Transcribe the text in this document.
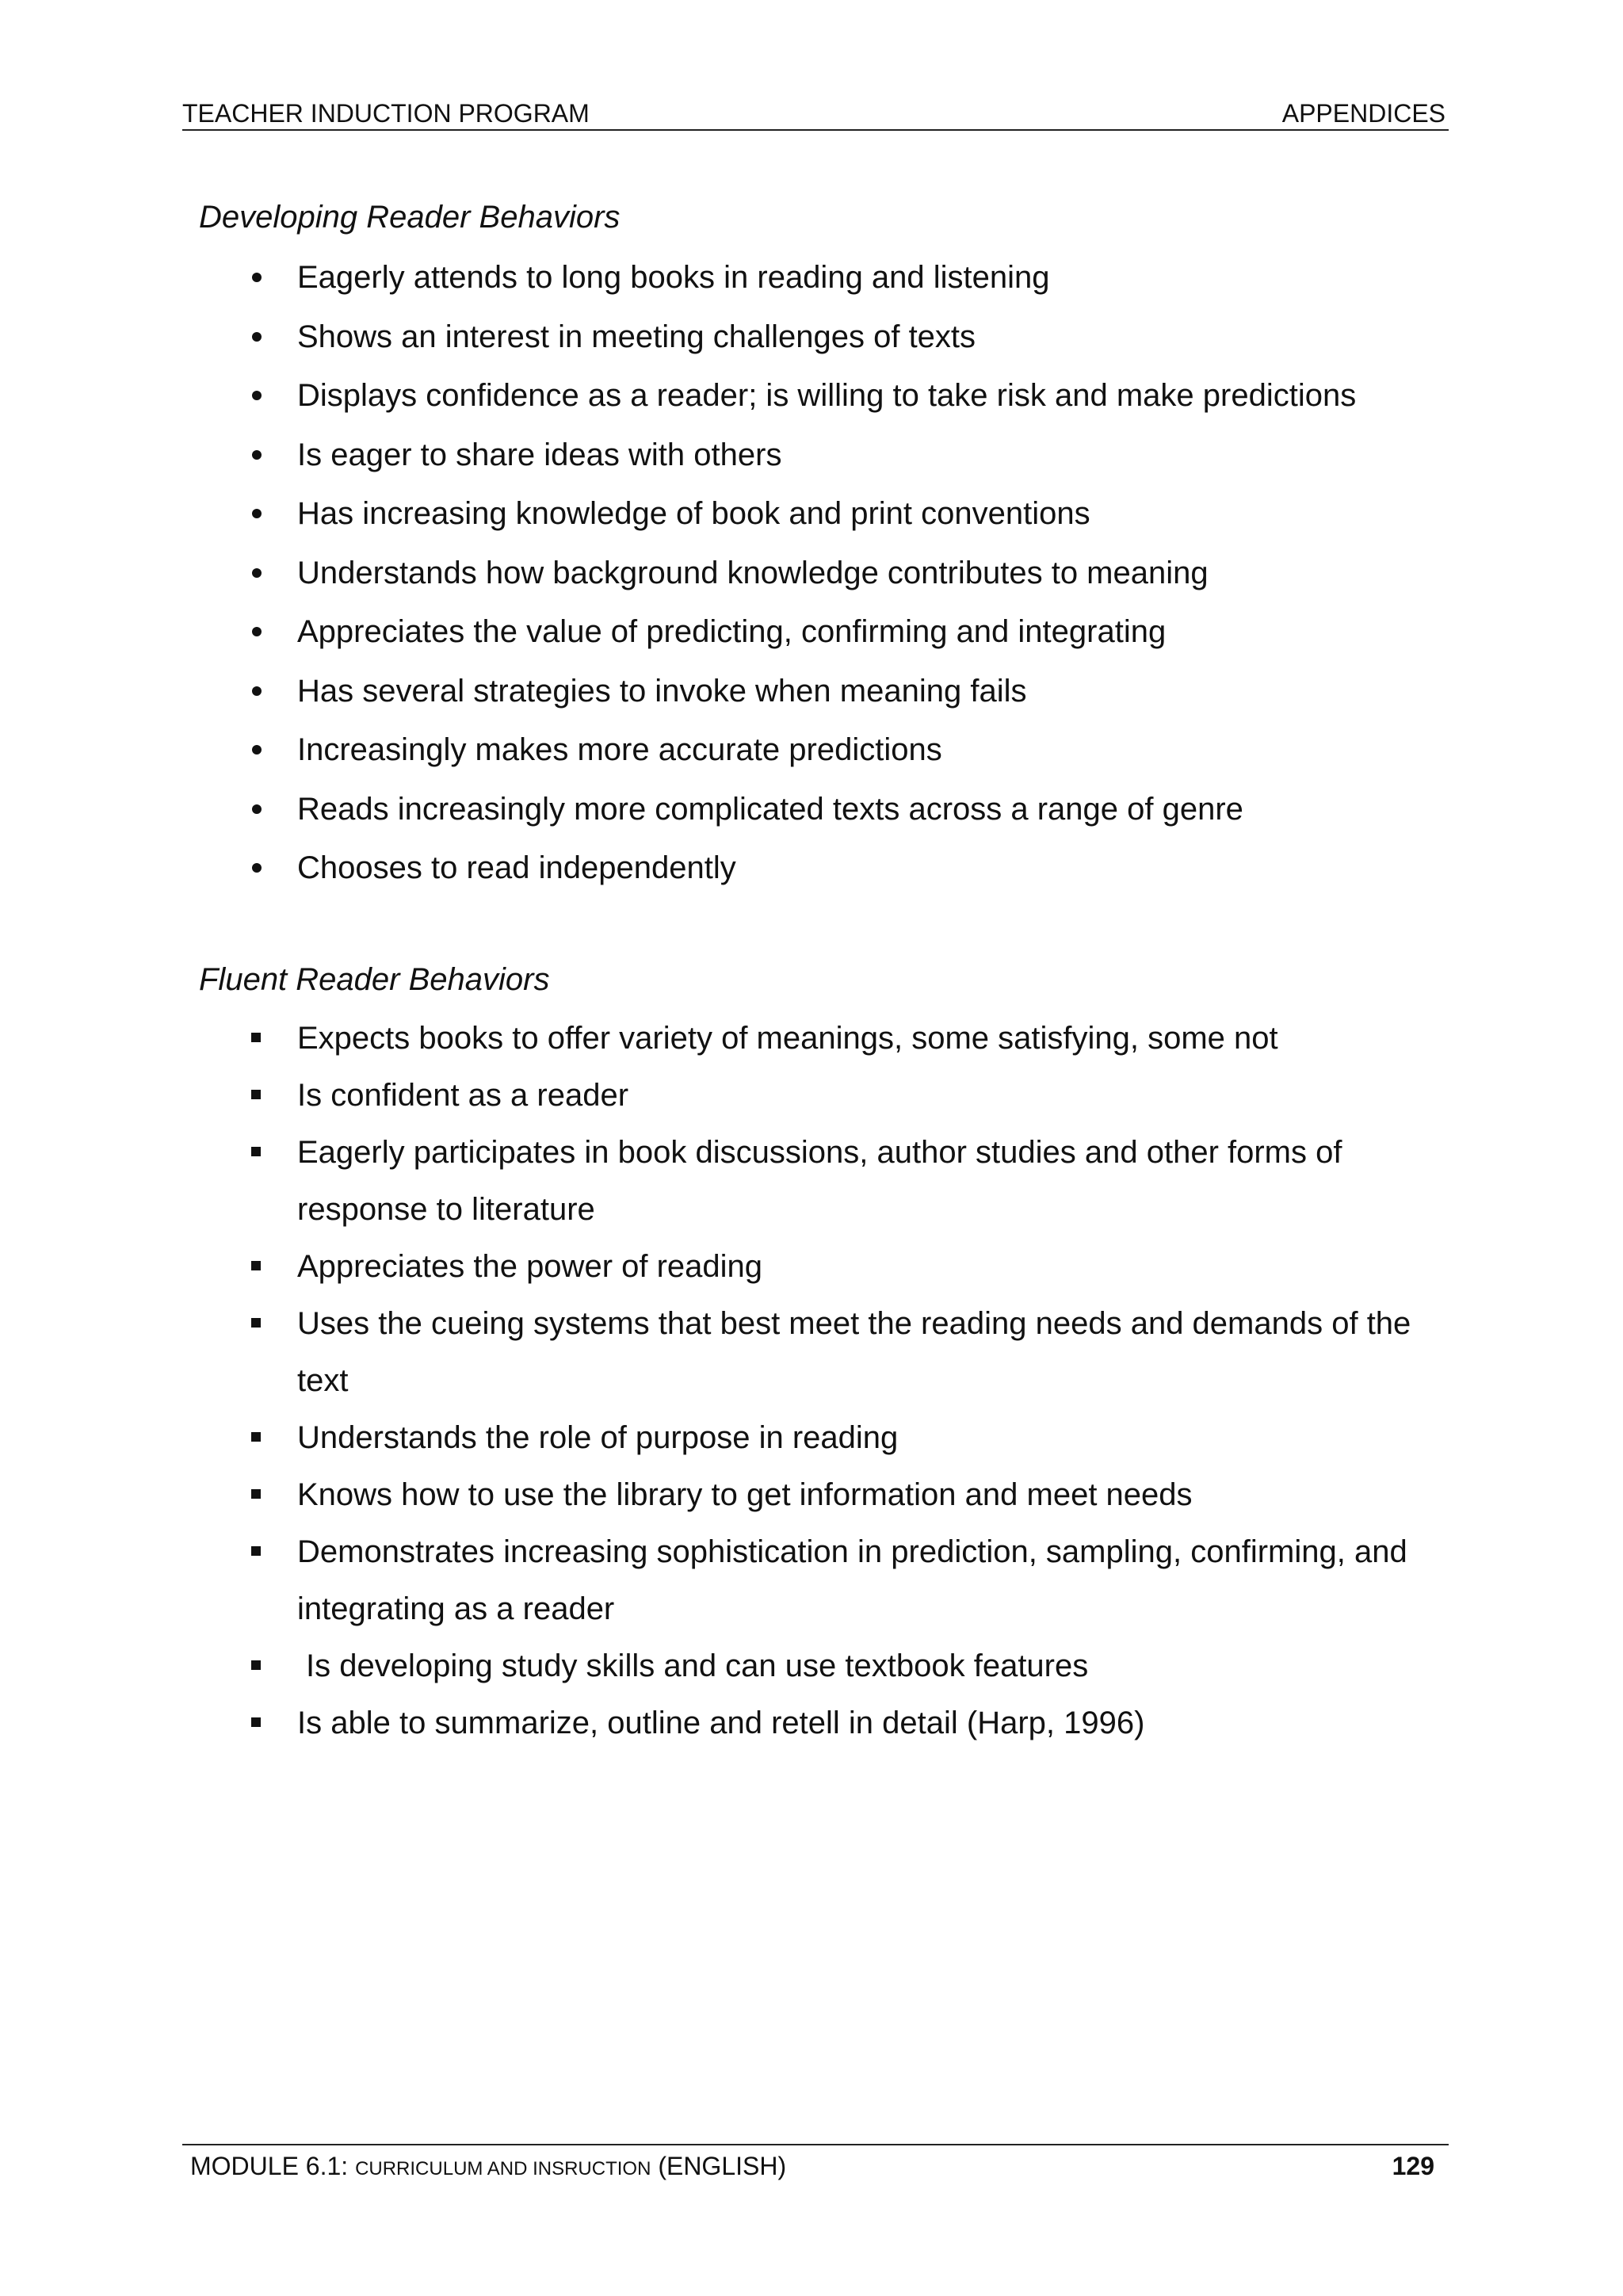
TEACHER INDUCTION PROGRAM	APPENDICES
Developing Reader Behaviors
Eagerly attends to long books in reading and listening
Shows an interest in meeting challenges of texts
Displays confidence as a reader; is willing to take risk and make predictions
Is eager to share ideas with others
Has increasing knowledge of book and print conventions
Understands how background knowledge contributes to meaning
Appreciates the value of predicting, confirming and integrating
Has several strategies to invoke when meaning fails
Increasingly makes more accurate predictions
Reads increasingly more complicated texts across a range of genre
Chooses to read independently
Fluent Reader Behaviors
Expects books to offer variety of meanings, some satisfying, some not
Is confident as a reader
Eagerly participates in book discussions, author studies and other forms of response to literature
Appreciates the power of reading
Uses the cueing systems that best meet the reading needs and demands of the text
Understands the role of purpose in reading
Knows how to use the library to get information and meet needs
Demonstrates increasing sophistication in prediction, sampling, confirming, and integrating as a reader
Is developing study skills and can use textbook features
Is able to summarize, outline and retell in detail (Harp, 1996)
MODULE 6.1: CURRICULUM AND INSRUCTION (ENGLISH)	129
